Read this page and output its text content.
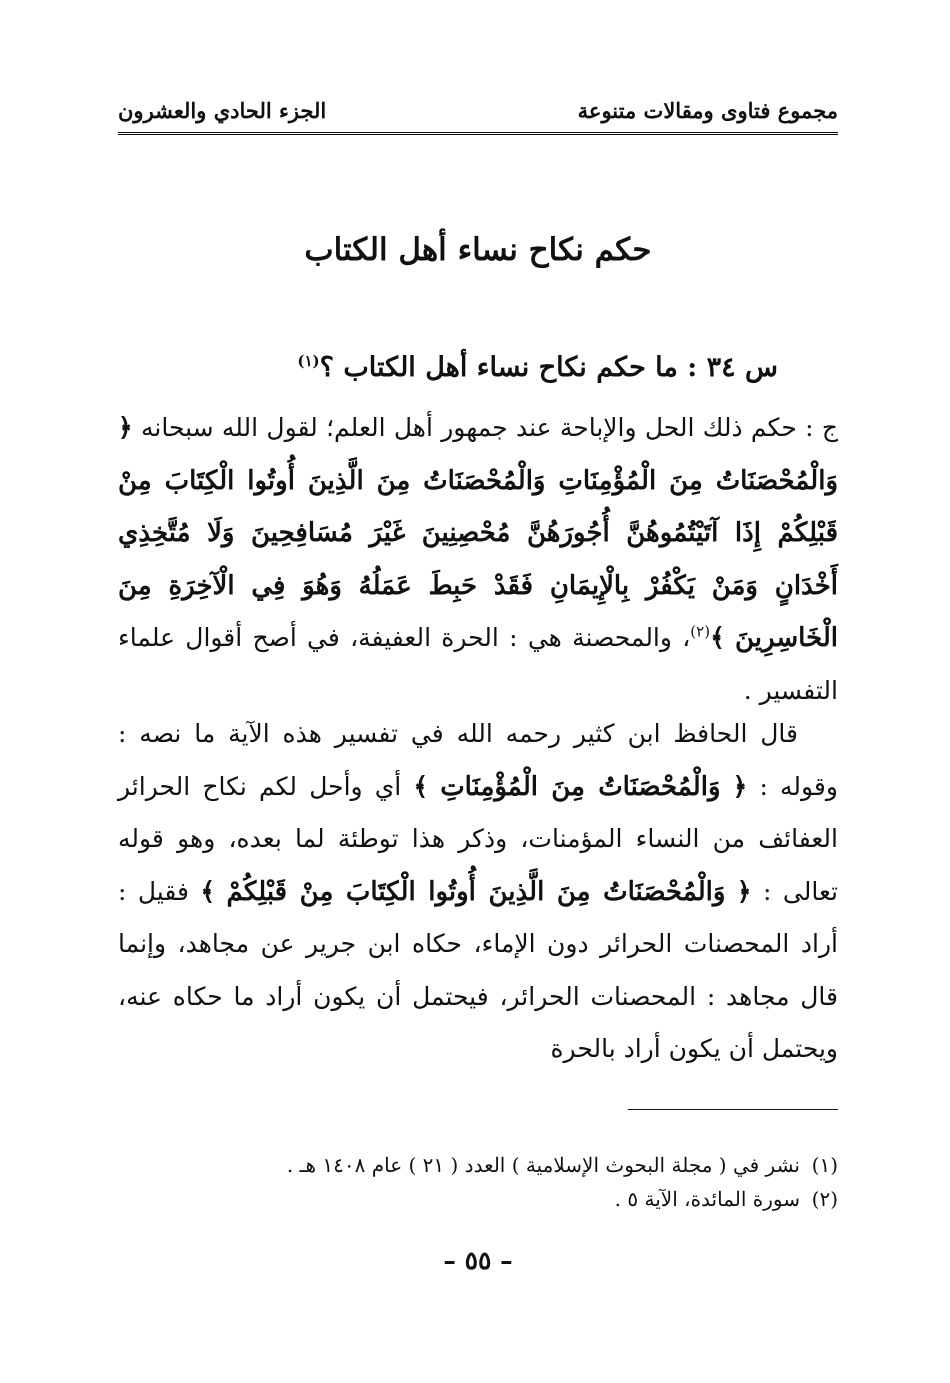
مجموع فتاوى ومقالات متنوعة
الجزء الحادي والعشرون
حكم نكاح نساء أهل الكتاب
س ٣٤ : ما حكم نكاح نساء أهل الكتاب ؟$^{(١)}$
ج : حكم ذلك الحل والإباحة عند جمهور أهل العلم؛ لقول الله سبحانه ﴿ وَالْمُحْصَنَاتُ مِنَ الْمُؤْمِنَاتِ وَالْمُحْصَنَاتُ مِنَ الَّذِينَ أُوتُوا الْكِتَابَ مِنْ قَبْلِكُمْ إِذَا آتَيْتُمُوهُنَّ أُجُورَهُنَّ مُحْصِنِينَ غَيْرَ مُسَافِحِينَ وَلَا مُتَّخِذِي أَخْدَانٍ وَمَنْ يَكْفُرْ بِالْإِيمَانِ فَقَدْ حَبِطَ عَمَلُهُ وَهُوَ فِي الْآخِرَةِ مِنَ الْخَاسِرِينَ ﴾$^{(٢)}$، والمحصنة هي : الحرة العفيفة، في أصح أقوال علماء التفسير .
قال الحافظ ابن كثير رحمه الله في تفسير هذه الآية ما نصه : وقوله : ﴿ وَالْمُحْصَنَاتُ مِنَ الْمُؤْمِنَاتِ ﴾ أي وأحل لكم نكاح الحرائر العفائف من النساء المؤمنات، وذكر هذا توطئة لما بعده، وهو قوله تعالى : ﴿ وَالْمُحْصَنَاتُ مِنَ الَّذِينَ أُوتُوا الْكِتَابَ مِنْ قَبْلِكُمْ ﴾ فقيل : أراد المحصنات الحرائر دون الإماء، حكاه ابن جرير عن مجاهد، وإنما قال مجاهد : المحصنات الحرائر، فيحتمل أن يكون أراد ما حكاه عنه، ويحتمل أن يكون أراد بالحرة
(١)نشر في ( مجلة البحوث الإسلامية ) العدد ( ٢١ ) عام ١٤٠٨ هـ .
(٢)سورة المائدة، الآية ٥ .
– ٥٥ –
